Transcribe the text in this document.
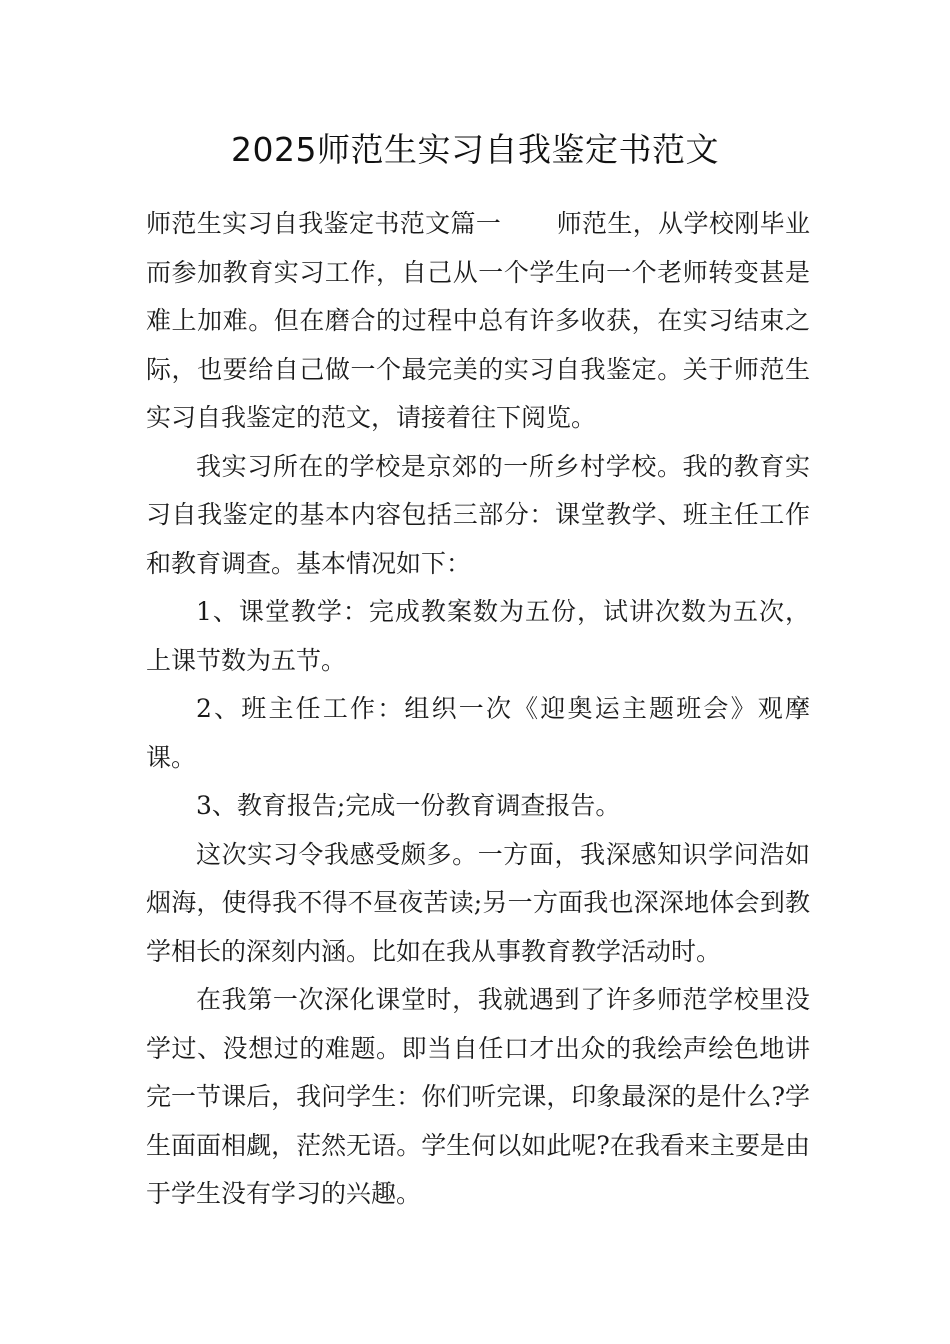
2025师范生实习自我鉴定书范文

师范生实习自我鉴定书范文篇一 师范生，从学校刚毕业而参加教育实习工作，自己从一个学生向一个老师转变甚是难上加难。但在磨合的过程中总有许多收获，在实习结束之际，也要给自己做一个最完美的实习自我鉴定。关于师范生实习自我鉴定的范文，请接着往下阅览。

我实习所在的学校是京郊的一所乡村学校。我的教育实习自我鉴定的基本内容包括三部分：课堂教学、班主任工作和教育调查。基本情况如下：

1、课堂教学：完成教案数为五份，试讲次数为五次，上课节数为五节。

2、班主任工作：组织一次《迎奥运主题班会》观摩课。

3、教育报告;完成一份教育调查报告。

这次实习令我感受颇多。一方面，我深感知识学问浩如烟海，使得我不得不昼夜苦读;另一方面我也深深地体会到教学相长的深刻内涵。比如在我从事教育教学活动时。

在我第一次深化课堂时，我就遇到了许多师范学校里没学过、没想过的难题。即当自任口才出众的我绘声绘色地讲完一节课后，我问学生：你们听完课，印象最深的是什么?学生面面相觑，茫然无语。学生何以如此呢?在我看来主要是由于学生没有学习的兴趣。
